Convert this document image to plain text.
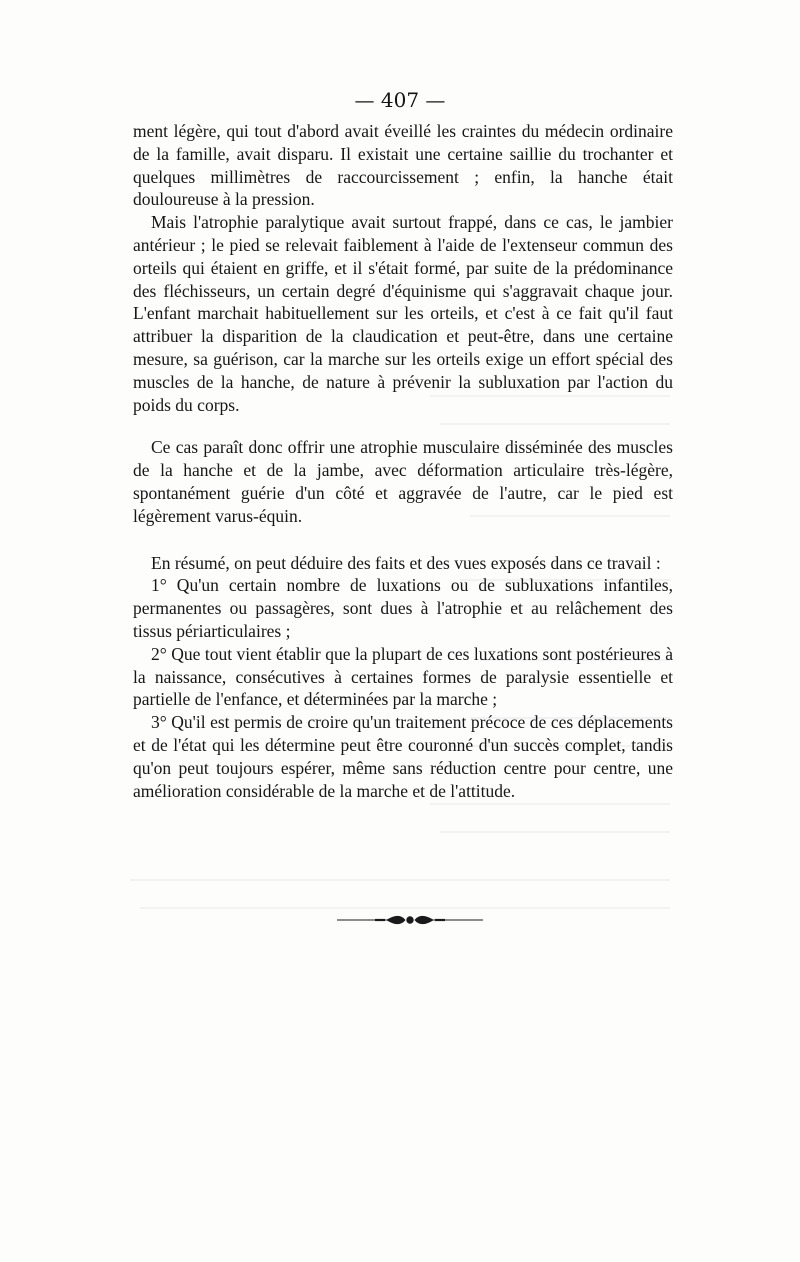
— 407 —

ment légère, qui tout d'abord avait éveillé les craintes du médecin ordinaire de la famille, avait disparu. Il existait une certaine saillie du trochanter et quelques millimètres de raccourcissement ; enfin, la hanche était douloureuse à la pression.

Mais l'atrophie paralytique avait surtout frappé, dans ce cas, le jambier antérieur ; le pied se relevait faiblement à l'aide de l'extenseur commun des orteils qui étaient en griffe, et il s'était formé, par suite de la prédominance des fléchisseurs, un certain degré d'équinisme qui s'aggravait chaque jour. L'enfant marchait habituellement sur les orteils, et c'est à ce fait qu'il faut attribuer la disparition de la claudication et peut-être, dans une certaine mesure, sa guérison, car la marche sur les orteils exige un effort spécial des muscles de la hanche, de nature à prévenir la subluxation par l'action du poids du corps.

Ce cas paraît donc offrir une atrophie musculaire disséminée des muscles de la hanche et de la jambe, avec déformation articulaire très-légère, spontanément guérie d'un côté et aggravée de l'autre, car le pied est légèrement varus-équin.

En résumé, on peut déduire des faits et des vues exposés dans ce travail :

1° Qu'un certain nombre de luxations ou de subluxations infantiles, permanentes ou passagères, sont dues à l'atrophie et au relâchement des tissus périarticulaires ;

2° Que tout vient établir que la plupart de ces luxations sont postérieures à la naissance, consécutives à certaines formes de paralysie essentielle et partielle de l'enfance, et déterminées par la marche ;

3° Qu'il est permis de croire qu'un traitement précoce de ces déplacements et de l'état qui les détermine peut être couronné d'un succès complet, tandis qu'on peut toujours espérer, même sans réduction centre pour centre, une amélioration considérable de la marche et de l'attitude.
